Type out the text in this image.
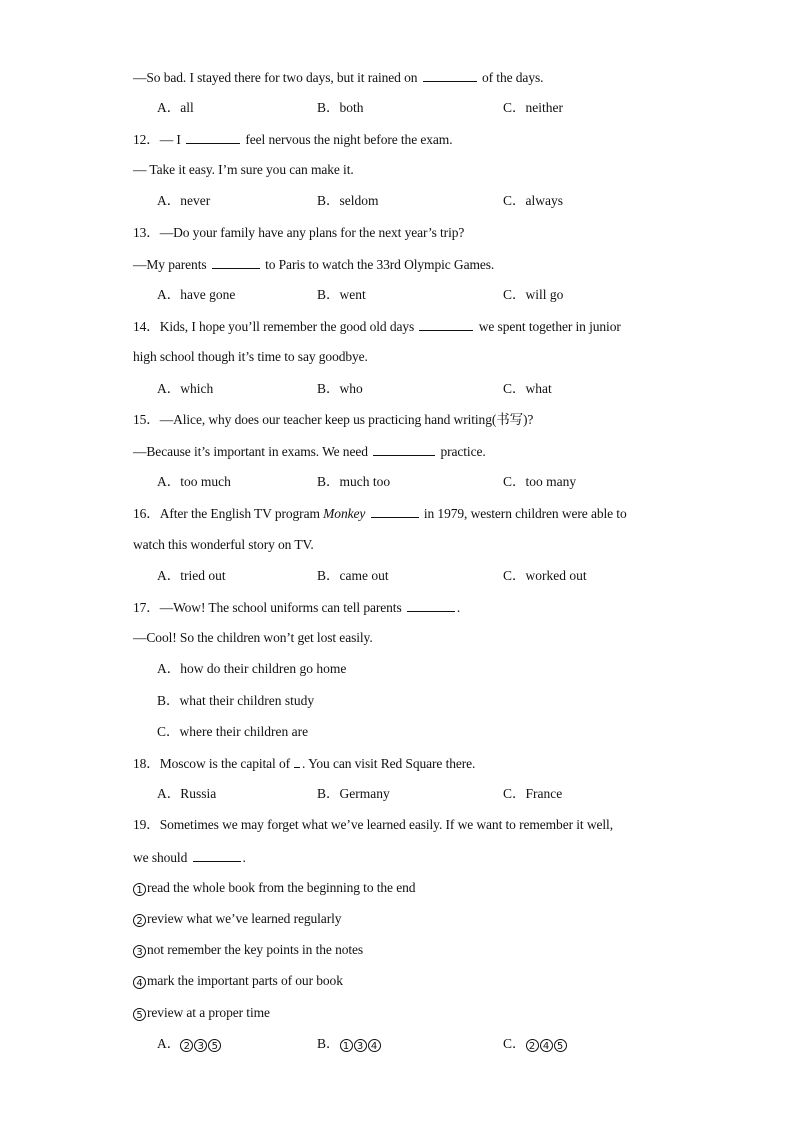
—So bad. I stayed there for two days, but it rained on	of the days.
A．all	B．both	C．neither
12．— I	feel nervous the night before the exam.
— Take it easy. I’m sure you can make it.
A．never	B．seldom	C．always
13．—Do your family have any plans for the next year’s trip?
—My parents	to Paris to watch the 33rd Olympic Games.
A．have gone	B．went	C．will go
14．Kids, I hope you’ll remember the good old days	we spent together in junior
high school though it’s time to say goodbye.
A．which	B．who	C．what
15．—Alice, why does our teacher keep us practicing hand writing(书写)?
—Because it’s important in exams. We need	practice.
A．too much	B．much too	C．too many
16．After the English TV program Monkey	in 1979, western children were able to
watch this wonderful story on TV.
A．tried out	B．came out	C．worked out
17．—Wow! The school uniforms can tell parents	.
—Cool! So the children won’t get lost easily.
A．how do their children go home
B．what their children study
C．where their children are
18．Moscow is the capital of . You can visit Red Square there.
A．Russia	B．Germany	C．France
19．Sometimes we may forget what we’ve learned easily. If we want to remember it well,
we should	.
1 read the whole book from the beginning to the end
2 review what we’ve learned regularly
3 not remember the key points in the notes
4 mark the important parts of our book
5 review at a proper time
A． 2 3 5	B． 1 3 4	C． 2 4 5
